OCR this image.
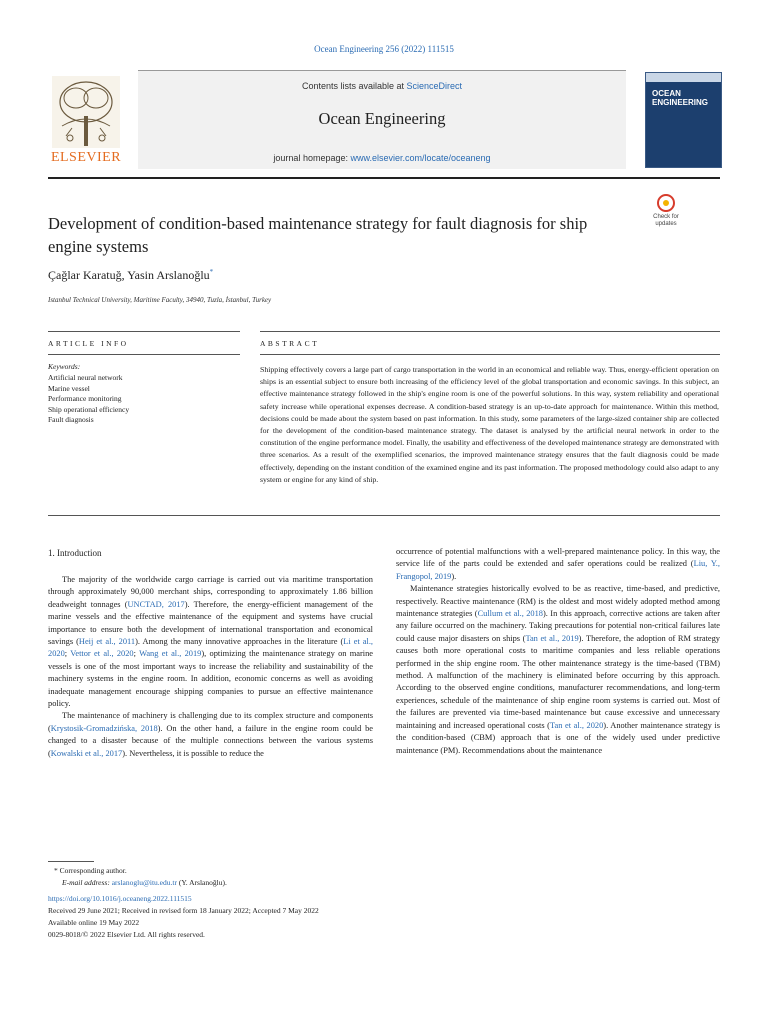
Ocean Engineering 256 (2022) 111515
ELSEVIER
Contents lists available at ScienceDirect
Ocean Engineering
journal homepage: www.elsevier.com/locate/oceaneng
OCEAN
ENGINEERING
Development of condition-based maintenance strategy for fault diagnosis for ship engine systems
Check for updates
Çağlar Karatuğ, Yasin Arslanoğlu*
Istanbul Technical University, Maritime Faculty, 34940, Tuzla, İstanbul, Turkey
ARTICLE INFO	ABSTRACT
Keywords:
Artificial neural network
Marine vessel
Performance monitoring
Ship operational efficiency
Fault diagnosis
Shipping effectively covers a large part of cargo transportation in the world in an economical and reliable way. Thus, energy-efficient operation on ships is an essential subject to ensure both increasing of the efficiency level of the global transportation and economic savings. In this subject, an effective maintenance strategy followed in the ship's engine room is one of the powerful solutions. In this way, system reliability and operational safety increase while operational expenses decrease. A condition-based strategy is an up-to-date approach for maintenance. Within this method, decisions could be made about the system based on past information. In this study, some parameters of the large-sized container ship are collected for the development of the condition-based maintenance strategy. The dataset is analysed by the artificial neural network in order to the constitution of the engine performance model. Finally, the usability and effectiveness of the developed maintenance strategy are demonstrated with three scenarios. As a result of the exemplified scenarios, the improved maintenance strategy ensures that the fault diagnosis could be made effectively, depending on the instant condition of the examined engine and its past information. The proposed methodology could also adapt to any system or engine for any kind of ship.
1. Introduction

The majority of the worldwide cargo carriage is carried out via maritime transportation through approximately 90,000 merchant ships, corresponding to approximately 1.86 billion deadweight tonnages (UNCTAD, 2017). Therefore, the energy-efficient management of the marine vessels and the effective maintenance of the equipment and systems have crucial importance to ensure both the development of international transportation and economical savings (Heij et al., 2011). Among the many innovative approaches in the literature (Li et al., 2020; Vettor et al., 2020; Wang et al., 2019), optimizing the maintenance strategy on marine vessels is one of the most important ways to increase the reliability and sustainability of the machinery systems in the engine room. In addition, economic concerns as well as avoiding inadequate management encourage shipping companies to pursue an effective maintenance policy.

The maintenance of machinery is challenging due to its complex structure and components (Krystosik-Gromadzińska, 2018). On the other hand, a failure in the engine room could be changed to a disaster because of the multiple connections between the various systems (Kowalski et al., 2017). Nevertheless, it is possible to reduce the

occurrence of potential malfunctions with a well-prepared maintenance policy. In this way, the service life of the parts could be extended and safer operations could be realized (Liu, Y., Frangopol, 2019).

Maintenance strategies historically evolved to be as reactive, time-based, and predictive, respectively. Reactive maintenance (RM) is the oldest and most widely adopted method among maintenance strategies (Cullum et al., 2018). In this approach, corrective actions are taken after any failure occurred on the machinery. Taking precautions for potential non-critical failures late could cause major disasters on ships (Tan et al., 2019). Therefore, the adoption of RM strategy causes both more operational costs to maritime companies and less reliable operations performed in the ship engine room. The other maintenance strategy is the time-based (TBM) method. A malfunction of the machinery is eliminated before occurring by this approach. According to the observed engine conditions, manufacturer recommendations, and long-term experiences, schedule of the maintenance of ship engine room systems is carried out. Most of the failures are prevented via time-based maintenance but cause excessive and unnecessary maintaining and increased operational costs (Tan et al., 2020). Another maintenance strategy is the condition-based (CBM) approach that is one of the widely used under predictive maintenance (PM). Recommendations about the maintenance

* Corresponding author.
E-mail address: arslanoglu@itu.edu.tr (Y. Arslanoğlu).
https://doi.org/10.1016/j.oceaneng.2022.111515
Received 29 June 2021; Received in revised form 18 January 2022; Accepted 7 May 2022
Available online 19 May 2022
0029-8018/© 2022 Elsevier Ltd. All rights reserved.
